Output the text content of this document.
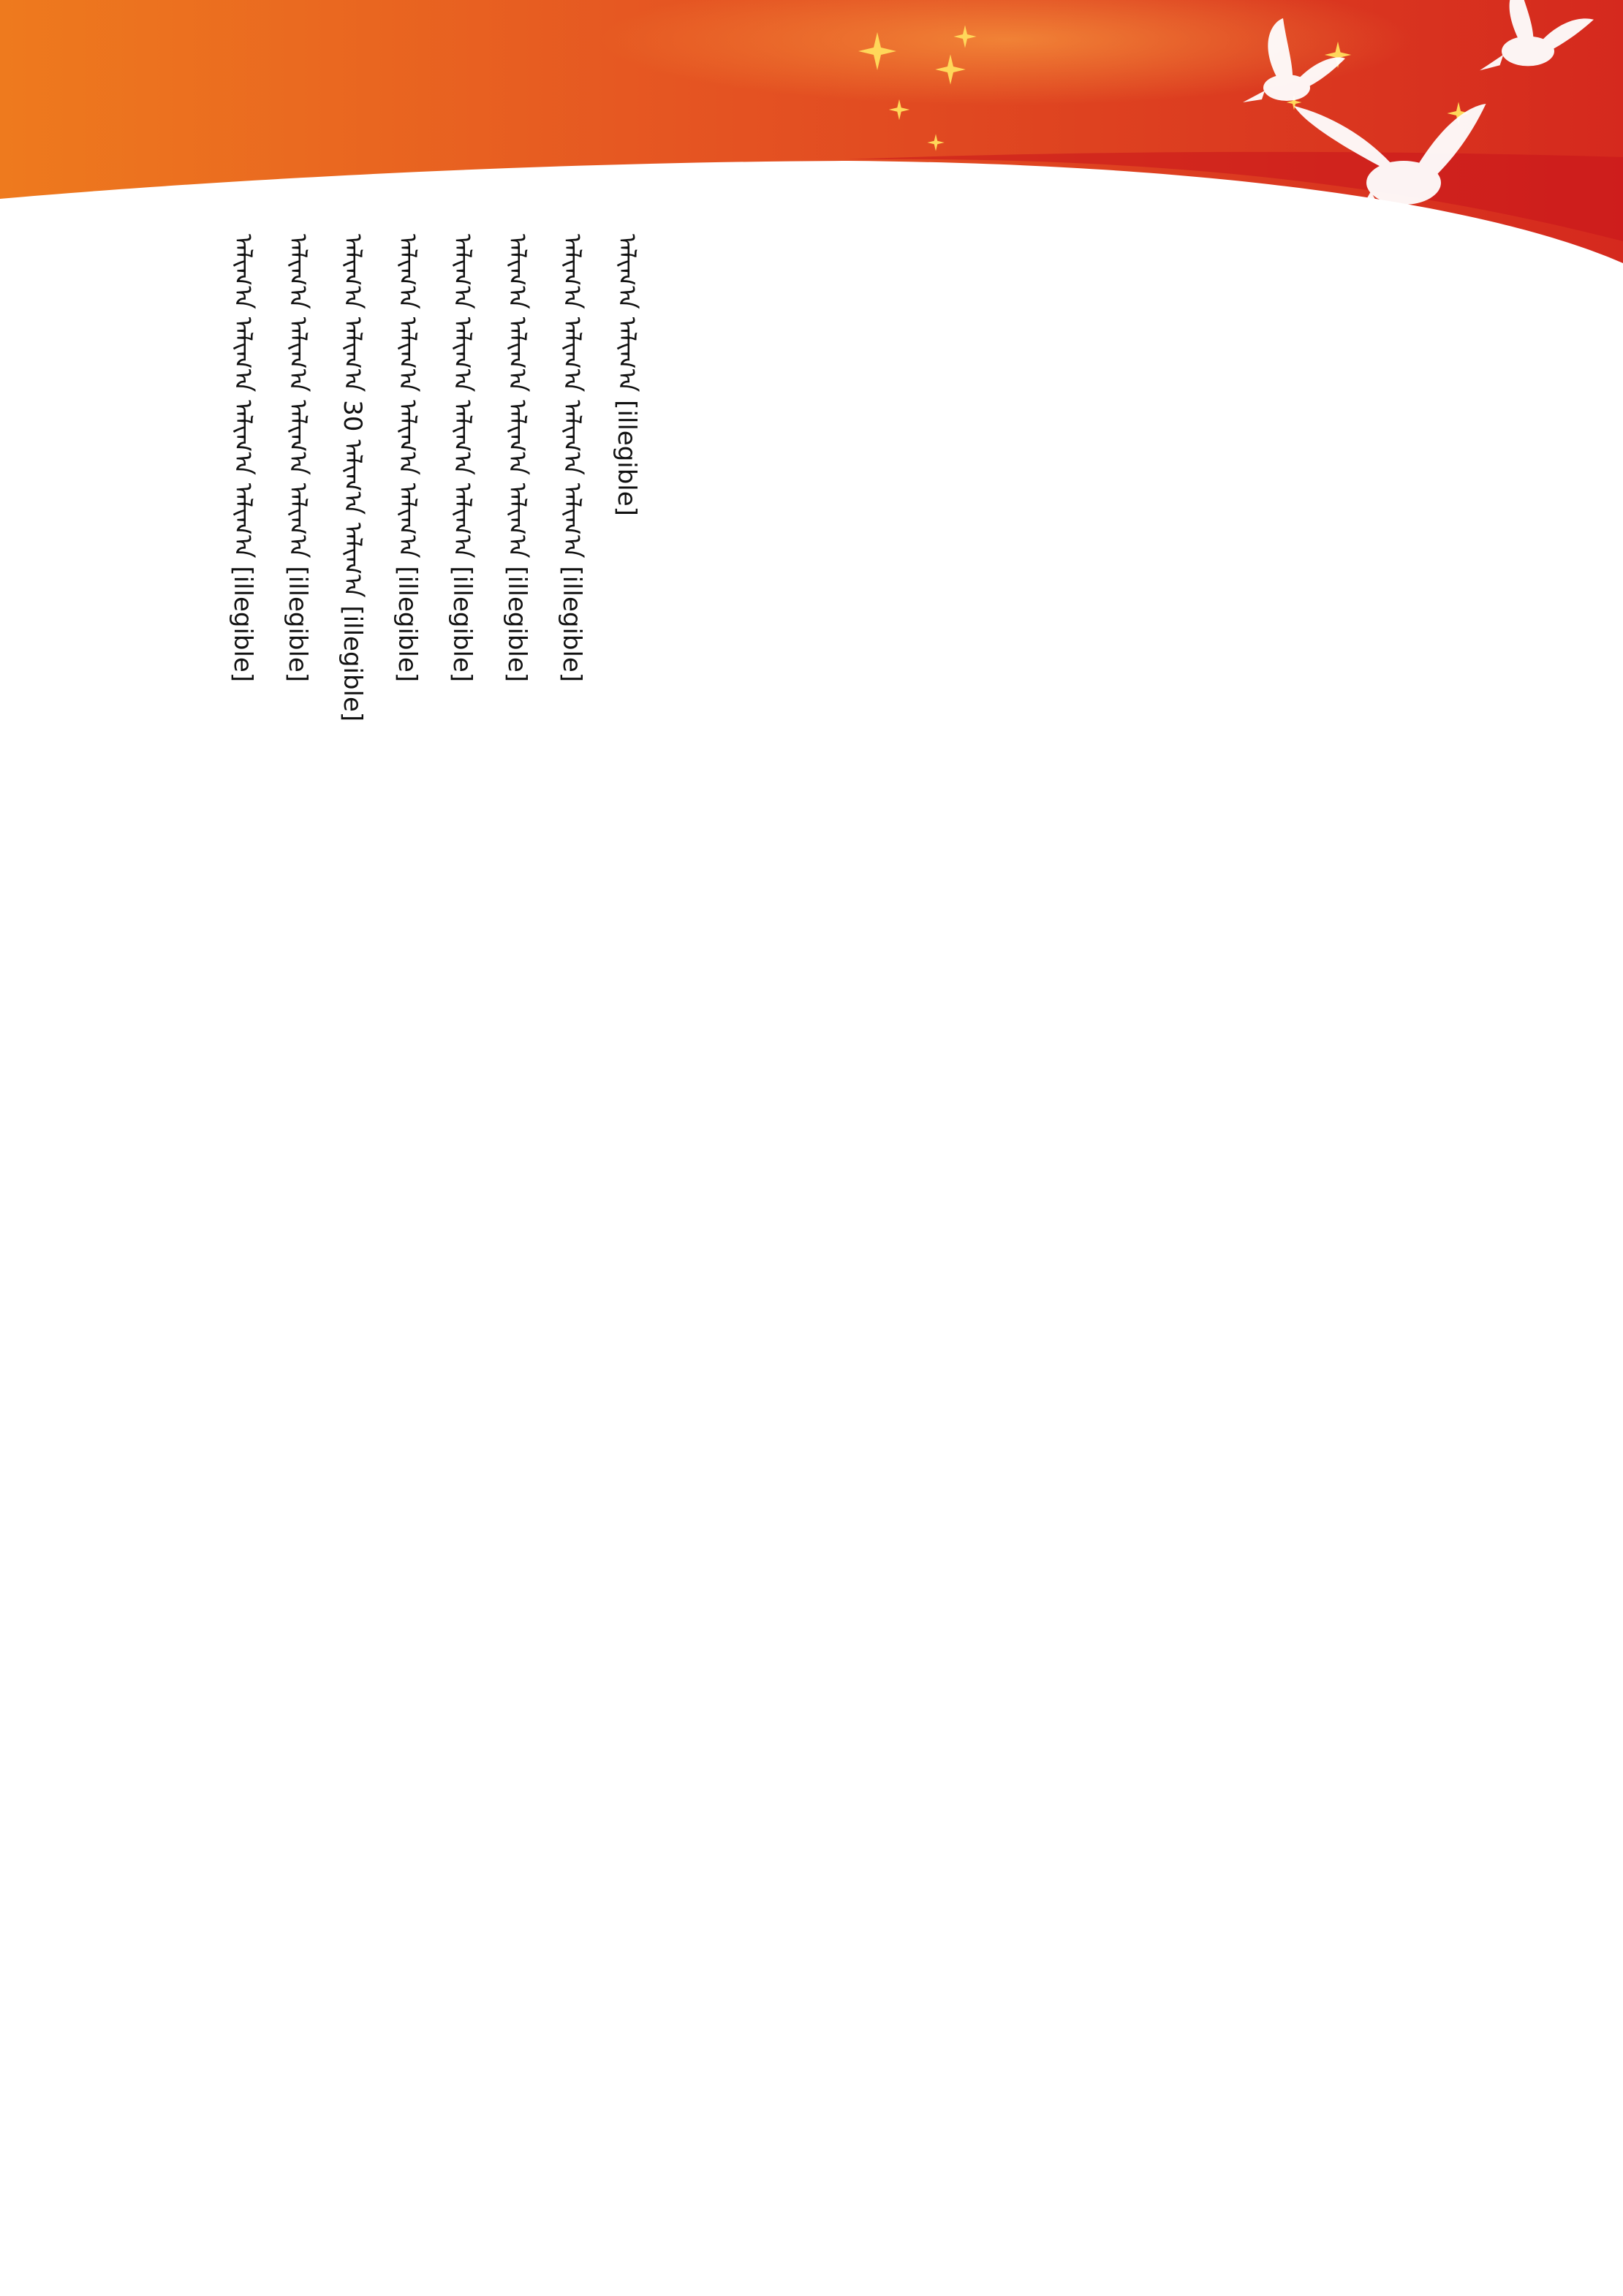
ᠠᠯᠢᠭ᠎ᠠ ᠠᠯᠢᠭ᠎ᠠ [illegible]
ᠠᠯᠢᠭ᠎ᠠ ᠠᠯᠢᠭ᠎ᠠ ᠠᠯᠢᠭ᠎ᠠ ᠠᠯᠢᠭ᠎ᠠ [illegible]
ᠠᠯᠢᠭ᠎ᠠ ᠠᠯᠢᠭ᠎ᠠ ᠠᠯᠢᠭ᠎ᠠ ᠠᠯᠢᠭ᠎ᠠ [illegible]
ᠠᠯᠢᠭ᠎ᠠ ᠠᠯᠢᠭ᠎ᠠ ᠠᠯᠢᠭ᠎ᠠ ᠠᠯᠢᠭ᠎ᠠ [illegible]
ᠠᠯᠢᠭ᠎ᠠ ᠠᠯᠢᠭ᠎ᠠ ᠠᠯᠢᠭ᠎ᠠ ᠠᠯᠢᠭ᠎ᠠ [illegible]
ᠠᠯᠢᠭ᠎ᠠ ᠠᠯᠢᠭ᠎ᠠ 30 ᠠᠯᠢᠭ᠎ᠠ ᠠᠯᠢᠭ᠎ᠠ [illegible]
ᠠᠯᠢᠭ᠎ᠠ ᠠᠯᠢᠭ᠎ᠠ ᠠᠯᠢᠭ᠎ᠠ ᠠᠯᠢᠭ᠎ᠠ [illegible]
ᠠᠯᠢᠭ᠎ᠠ ᠠᠯᠢᠭ᠎ᠠ ᠠᠯᠢᠭ᠎ᠠ ᠠᠯᠢᠭ᠎ᠠ [illegible]
